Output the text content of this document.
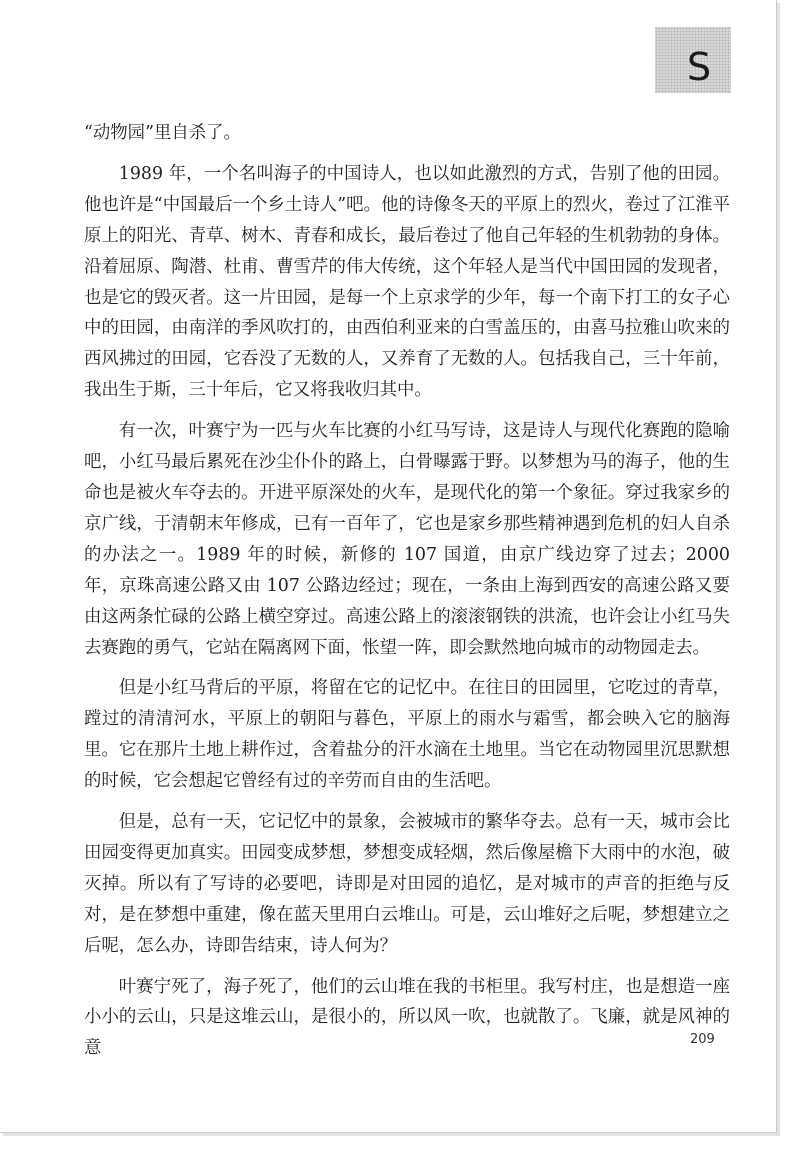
S

“动物园”里自杀了。

1989 年，一个名叫海子的中国诗人，也以如此激烈的方式，告别了他的田园。他也许是“中国最后一个乡土诗人”吧。他的诗像冬天的平原上的烈火，卷过了江淮平原上的阳光、青草、树木、青春和成长，最后卷过了他自己年轻的生机勃勃的身体。沿着屈原、陶潜、杜甫、曹雪芹的伟大传统，这个年轻人是当代中国田园的发现者，也是它的毁灭者。这一片田园，是每一个上京求学的少年，每一个南下打工的女子心中的田园，由南洋的季风吹打的，由西伯利亚来的白雪盖压的，由喜马拉雅山吹来的西风拂过的田园，它吞没了无数的人，又养育了无数的人。包括我自己，三十年前，我出生于斯，三十年后，它又将我收归其中。

有一次，叶赛宁为一匹与火车比赛的小红马写诗，这是诗人与现代化赛跑的隐喻吧，小红马最后累死在沙尘仆仆的路上，白骨曝露于野。以梦想为马的海子，他的生命也是被火车夺去的。开进平原深处的火车，是现代化的第一个象征。穿过我家乡的京广线，于清朝末年修成，已有一百年了，它也是家乡那些精神遇到危机的妇人自杀的办法之一。1989 年的时候，新修的 107 国道，由京广线边穿了过去；2000 年，京珠高速公路又由 107 公路边经过；现在，一条由上海到西安的高速公路又要由这两条忙碌的公路上横空穿过。高速公路上的滚滚钢铁的洪流，也许会让小红马失去赛跑的勇气，它站在隔离网下面，怅望一阵，即会默然地向城市的动物园走去。

但是小红马背后的平原，将留在它的记忆中。在往日的田园里，它吃过的青草，蹚过的清清河水，平原上的朝阳与暮色，平原上的雨水与霜雪，都会映入它的脑海里。它在那片土地上耕作过，含着盐分的汗水滴在土地里。当它在动物园里沉思默想的时候，它会想起它曾经有过的辛劳而自由的生活吧。

但是，总有一天，它记忆中的景象，会被城市的繁华夺去。总有一天，城市会比田园变得更加真实。田园变成梦想，梦想变成轻烟，然后像屋檐下大雨中的水泡，破灭掉。所以有了写诗的必要吧，诗即是对田园的追忆，是对城市的声音的拒绝与反对，是在梦想中重建，像在蓝天里用白云堆山。可是，云山堆好之后呢，梦想建立之后呢，怎么办，诗即告结束，诗人何为？

叶赛宁死了，海子死了，他们的云山堆在我的书柜里。我写村庄，也是想造一座小小的云山，只是这堆云山，是很小的，所以风一吹，也就散了。飞廉，就是风神的意	209
